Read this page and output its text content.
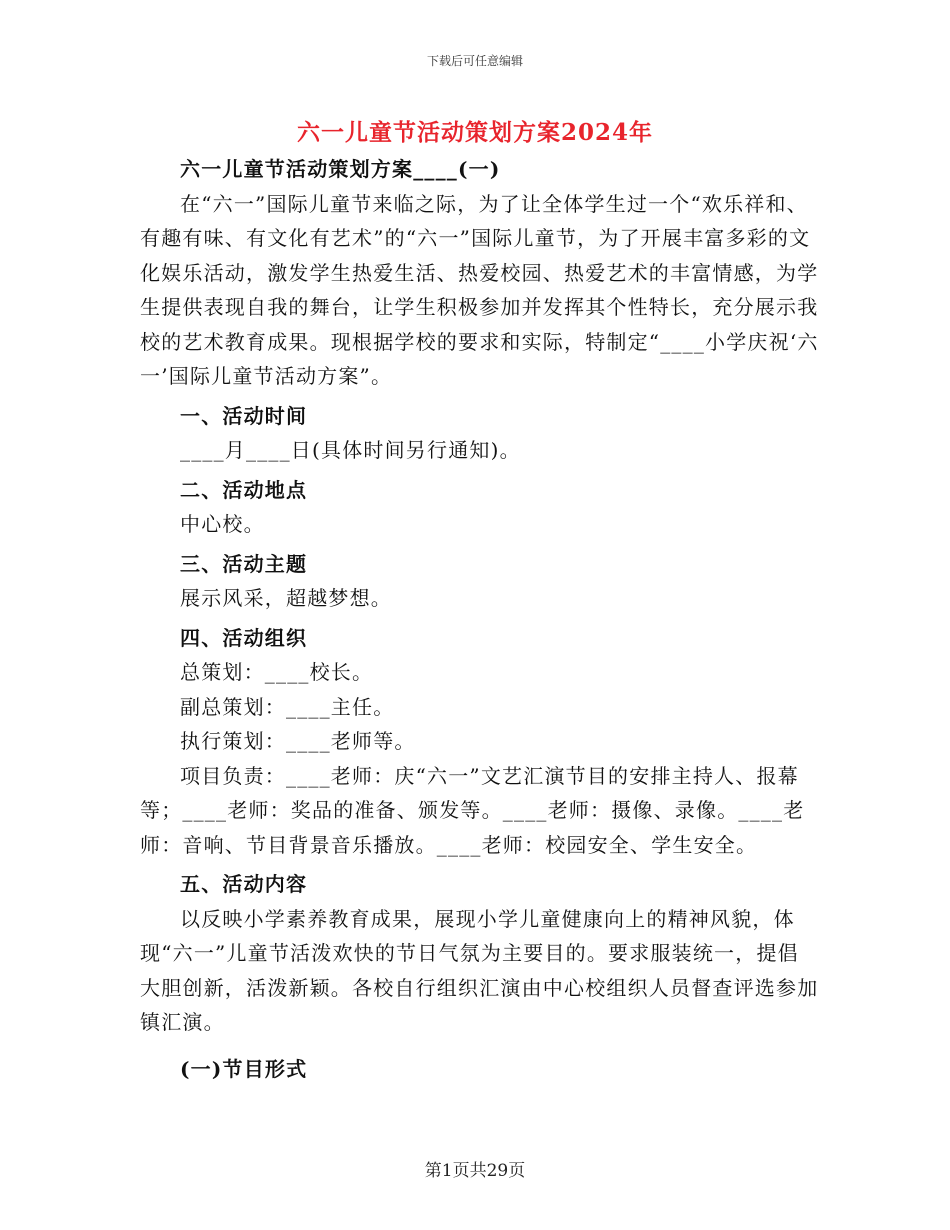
下载后可任意编辑
六一儿童节活动策划方案2024年

六一儿童节活动策划方案____(一)

在“六一”国际儿童节来临之际，为了让全体学生过一个“欢乐祥和、有趣有味、有文化有艺术”的“六一”国际儿童节，为了开展丰富多彩的文化娱乐活动，激发学生热爱生活、热爱校园、热爱艺术的丰富情感，为学生提供表现自我的舞台，让学生积极参加并发挥其个性特长，充分展示我校的艺术教育成果。现根据学校的要求和实际，特制定“____小学庆祝‘六一’国际儿童节活动方案”。

一、活动时间

____月____日(具体时间另行通知)。

二、活动地点

中心校。

三、活动主题

展示风采，超越梦想。

四、活动组织

总策划：____校长。

副总策划：____主任。

执行策划：____老师等。

项目负责：____老师：庆“六一”文艺汇演节目的安排主持人、报幕等；____老师：奖品的准备、颁发等。____老师：摄像、录像。____老师：音响、节目背景音乐播放。____老师：校园安全、学生安全。

五、活动内容

以反映小学素养教育成果，展现小学儿童健康向上的精神风貌，体现“六一”儿童节活泼欢快的节日气氛为主要目的。要求服装统一，提倡大胆创新，活泼新颖。各校自行组织汇演由中心校组织人员督查评选参加镇汇演。

(一)节目形式

第1页共29页
